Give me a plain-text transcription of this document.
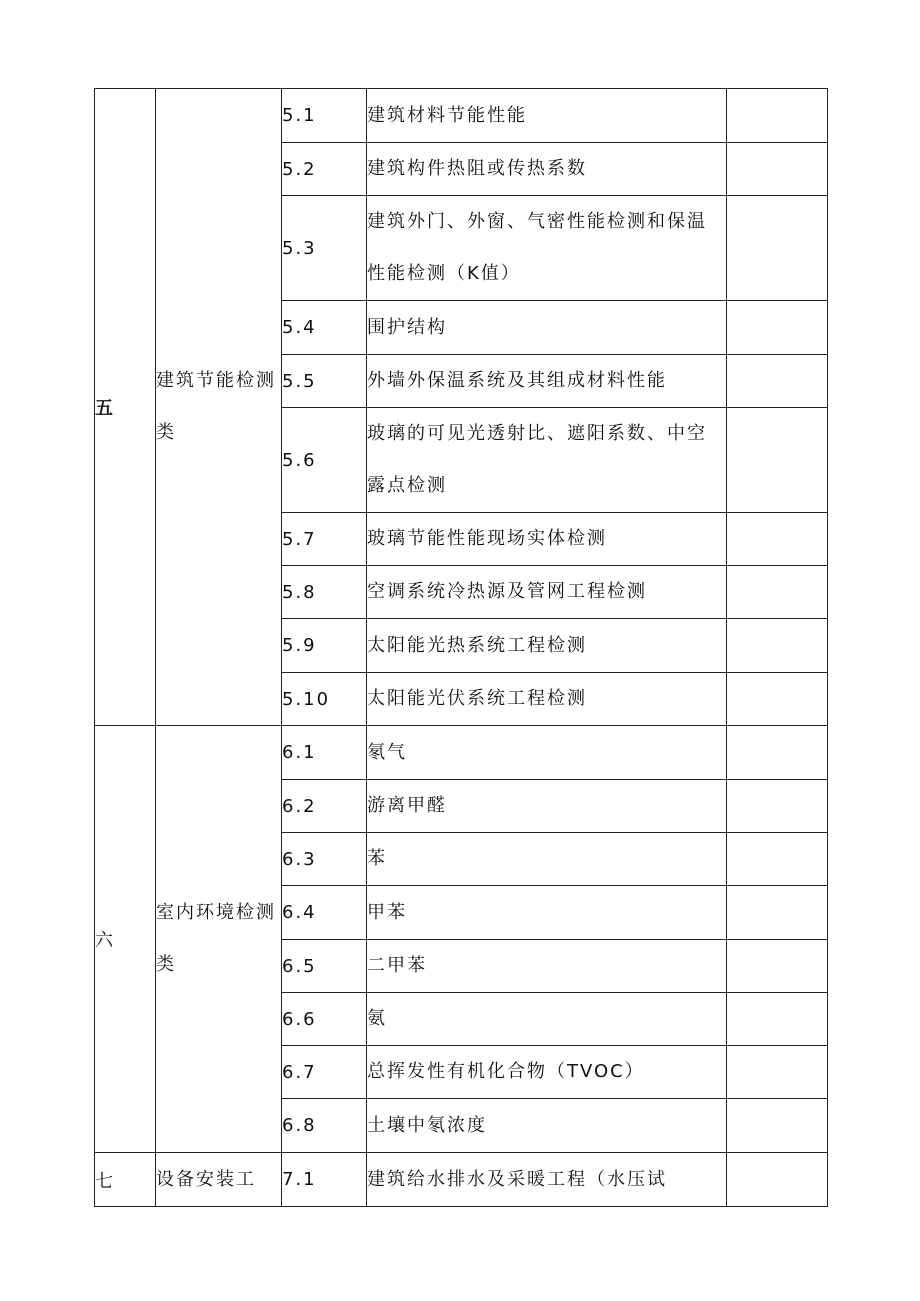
五	建筑节能检测类	5.1	建筑材料节能性能	
		5.2	建筑构件热阻或传热系数	
		5.3	建筑外门、外窗、气密性能检测和保温性能检测（K值）	
		5.4	围护结构	
		5.5	外墙外保温系统及其组成材料性能	
		5.6	玻璃的可见光透射比、遮阳系数、中空露点检测	
		5.7	玻璃节能性能现场实体检测	
		5.8	空调系统冷热源及管网工程检测	
		5.9	太阳能光热系统工程检测	
		5.10	太阳能光伏系统工程检测	
六	室内环境检测类	6.1	氡气	
		6.2	游离甲醛	
		6.3	苯	
		6.4	甲苯	
		6.5	二甲苯	
		6.6	氨	
		6.7	总挥发性有机化合物（TVOC）	
		6.8	土壤中氡浓度	
七	设备安装工	7.1	建筑给水排水及采暖工程（水压试	
